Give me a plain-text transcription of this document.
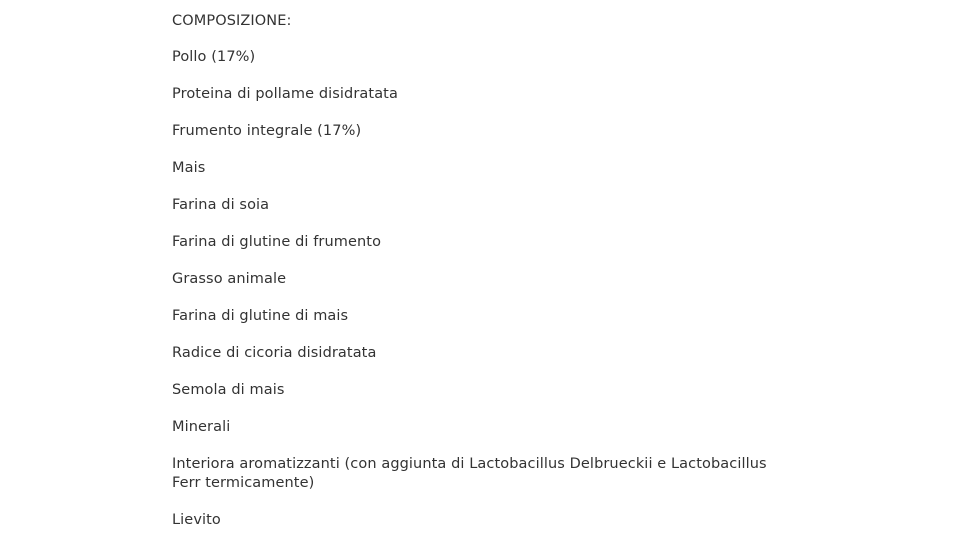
COMPOSIZIONE:
Pollo (17%)
Proteina di pollame disidratata
Frumento integrale (17%)
Mais
Farina di soia
Farina di glutine di frumento
Grasso animale
Farina di glutine di mais
Radice di cicoria disidratata
Semola di mais
Minerali
Interiora aromatizzanti (con aggiunta di Lactobacillus Delbrueckii e Lactobacillus Ferr termicamente)
Lievito
